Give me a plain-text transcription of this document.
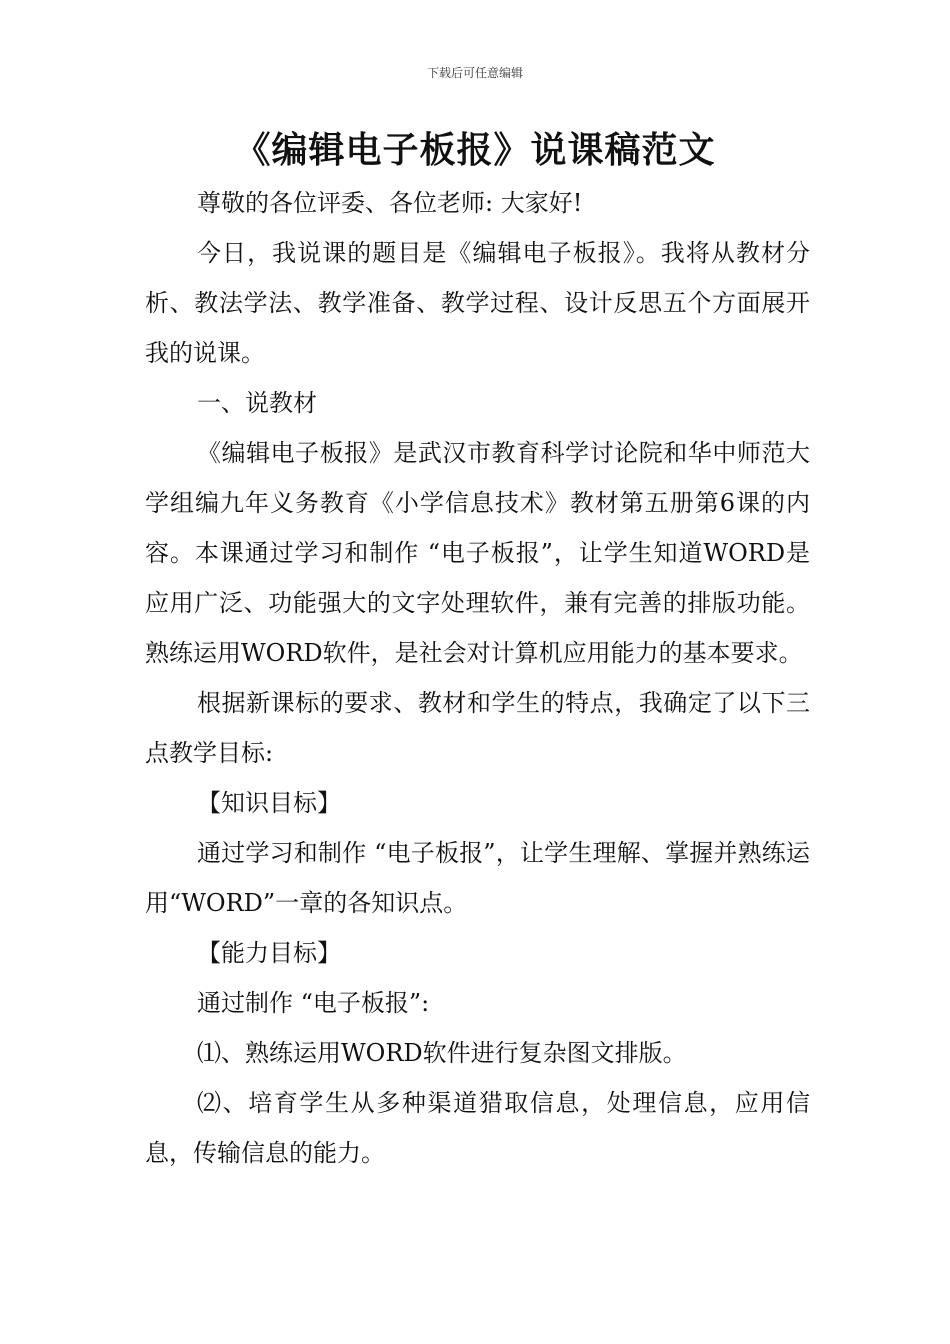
下载后可任意编辑
《编辑电子板报》说课稿范文

尊敬的各位评委、各位老师: 大家好!

今日，我说课的题目是《编辑电子板报》。我将从教材分析、教法学法、教学准备、教学过程、设计反思五个方面展开我的说课。

一、说教材

《编辑电子板报》是武汉市教育科学讨论院和华中师范大学组编九年义务教育《小学信息技术》教材第五册第6课的内容。本课通过学习和制作 “电子板报”，让学生知道WORD是应用广泛、功能强大的文字处理软件，兼有完善的排版功能。熟练运用WORD软件，是社会对计算机应用能力的基本要求。

根据新课标的要求、教材和学生的特点，我确定了以下三点教学目标:

【知识目标】

通过学习和制作 “电子板报”，让学生理解、掌握并熟练运用“WORD”一章的各知识点。

【能力目标】

通过制作 “电子板报”:

⑴、熟练运用WORD软件进行复杂图文排版。

⑵、培育学生从多种渠道猎取信息，处理信息，应用信息，传输信息的能力。
